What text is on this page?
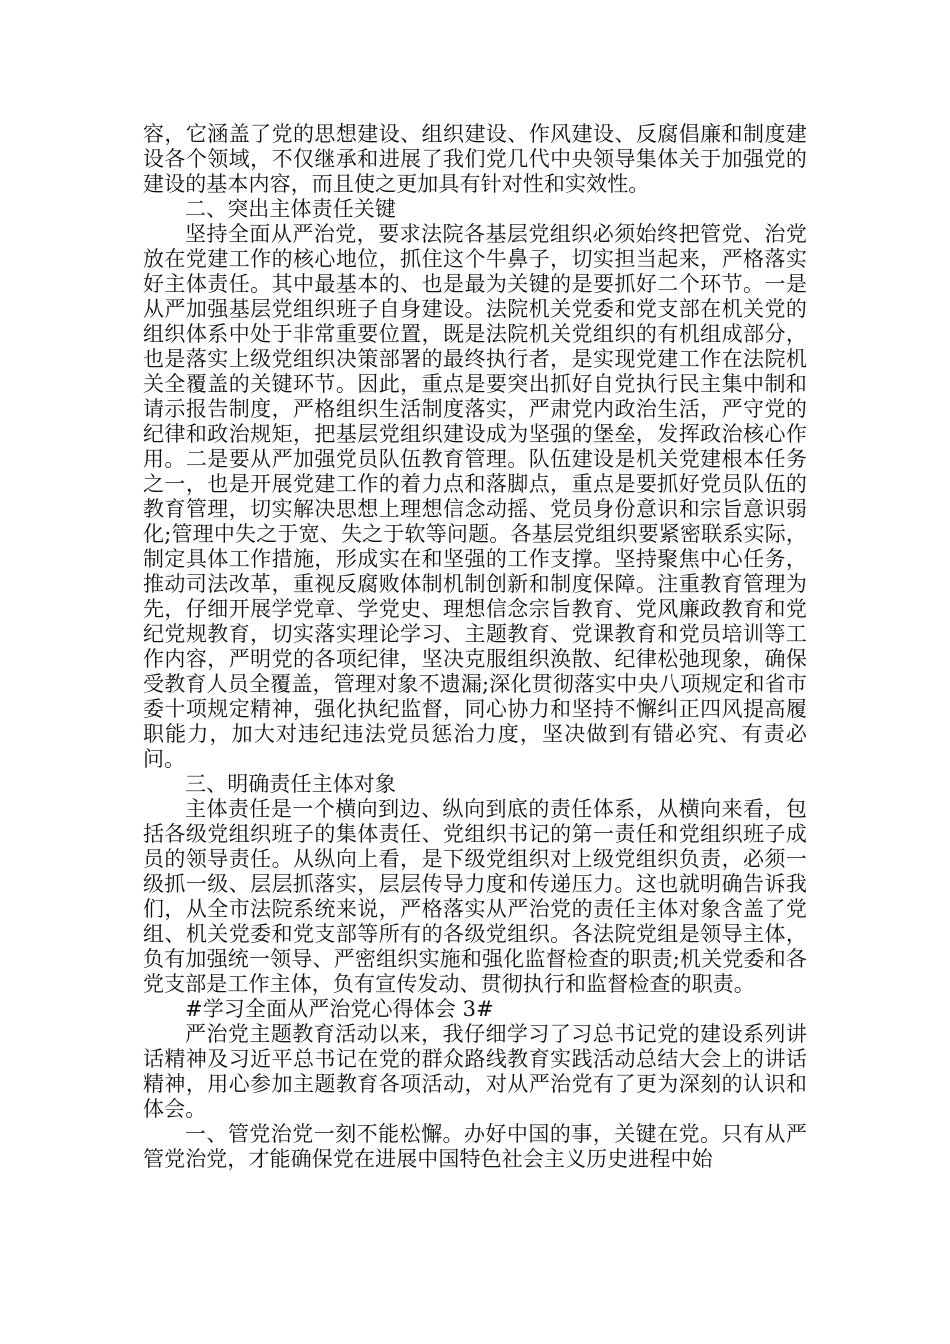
容，它涵盖了党的思想建设、组织建设、作风建设、反腐倡廉和制度建设各个领域，不仅继承和进展了我们党几代中央领导集体关于加强党的建设的基本内容，而且使之更加具有针对性和实效性。

二、突出主体责任关键

坚持全面从严治党，要求法院各基层党组织必须始终把管党、治党放在党建工作的核心地位，抓住这个牛鼻子，切实担当起来，严格落实好主体责任。其中最基本的、也是最为关键的是要抓好二个环节。一是从严加强基层党组织班子自身建设。法院机关党委和党支部在机关党的组织体系中处于非常重要位置，既是法院机关党组织的有机组成部分，也是落实上级党组织决策部署的最终执行者，是实现党建工作在法院机关全覆盖的关键环节。因此，重点是要突出抓好自党执行民主集中制和请示报告制度，严格组织生活制度落实，严肃党内政治生活，严守党的纪律和政治规矩，把基层党组织建设成为坚强的堡垒，发挥政治核心作用。二是要从严加强党员队伍教育管理。队伍建设是机关党建根本任务之一，也是开展党建工作的着力点和落脚点，重点是要抓好党员队伍的教育管理，切实解决思想上理想信念动摇、党员身份意识和宗旨意识弱化;管理中失之于宽、失之于软等问题。各基层党组织要紧密联系实际，制定具体工作措施，形成实在和坚强的工作支撑。坚持聚焦中心任务，推动司法改革，重视反腐败体制机制创新和制度保障。注重教育管理为先，仔细开展学党章、学党史、理想信念宗旨教育、党风廉政教育和党纪党规教育，切实落实理论学习、主题教育、党课教育和党员培训等工作内容，严明党的各项纪律，坚决克服组织涣散、纪律松弛现象，确保受教育人员全覆盖，管理对象不遗漏;深化贯彻落实中央八项规定和省市委十项规定精神，强化执纪监督，同心协力和坚持不懈纠正四风提高履职能力，加大对违纪违法党员惩治力度，坚决做到有错必究、有责必问。

三、明确责任主体对象

主体责任是一个横向到边、纵向到底的责任体系，从横向来看，包括各级党组织班子的集体责任、党组织书记的第一责任和党组织班子成员的领导责任。从纵向上看，是下级党组织对上级党组织负责，必须一级抓一级、层层抓落实，层层传导力度和传递压力。这也就明确告诉我们，从全市法院系统来说，严格落实从严治党的责任主体对象含盖了党组、机关党委和党支部等所有的各级党组织。各法院党组是领导主体，负有加强统一领导、严密组织实施和强化监督检查的职责;机关党委和各党支部是工作主体，负有宣传发动、贯彻执行和监督检查的职责。

#学习全面从严治党心得体会 3#

严治党主题教育活动以来，我仔细学习了习总书记党的建设系列讲话精神及习近平总书记在党的群众路线教育实践活动总结大会上的讲话精神，用心参加主题教育各项活动，对从严治党有了更为深刻的认识和体会。

一、管党治党一刻不能松懈。办好中国的事，关键在党。只有从严管党治党，才能确保党在进展中国特色社会主义历史进程中始
